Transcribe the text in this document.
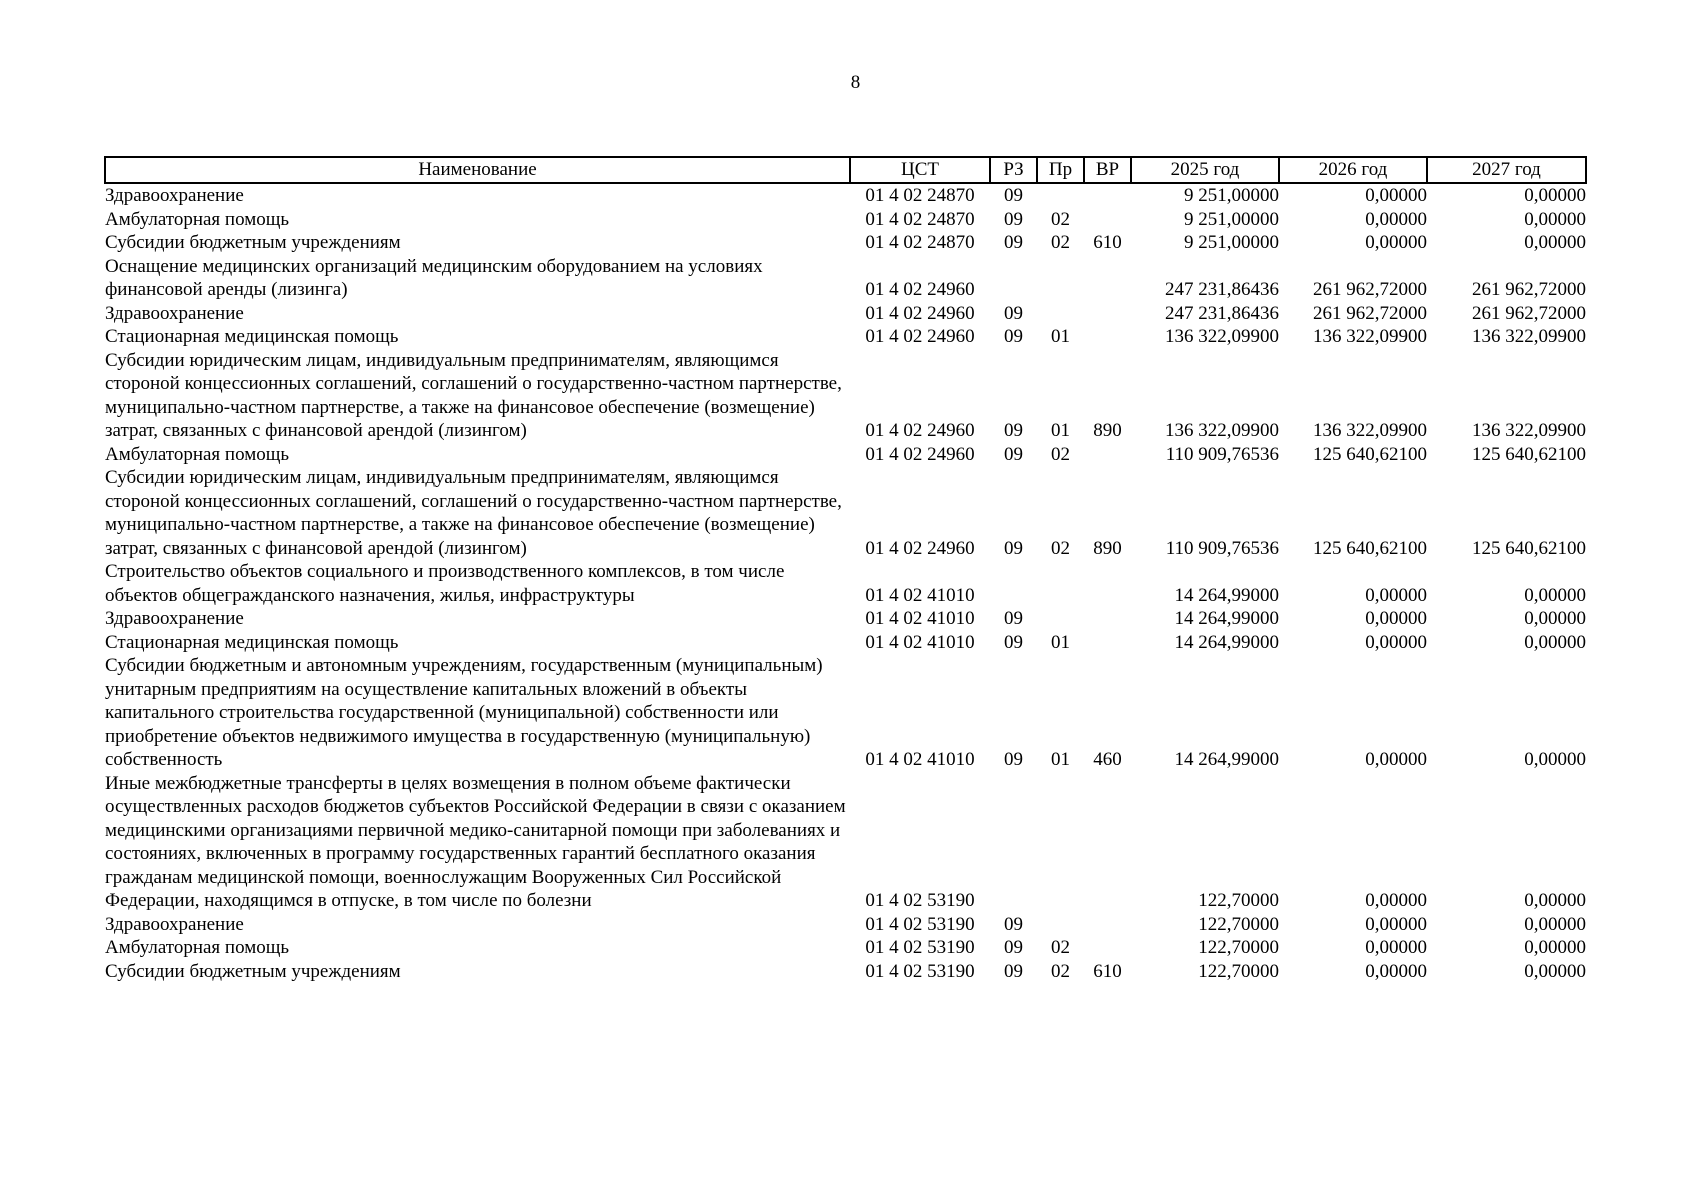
8
Наименование	ЦСТ	РЗ	Пр	ВР	2025 год	2026 год	2027 год
Здравоохранение	01 4 02 24870	09			9 251,00000	0,00000	0,00000
Амбулаторная помощь	01 4 02 24870	09	02		9 251,00000	0,00000	0,00000
Субсидии бюджетным учреждениям	01 4 02 24870	09	02	610	9 251,00000	0,00000	0,00000
Оснащение медицинских организаций медицинским оборудованием на условиях финансовой аренды (лизинга)	01 4 02 24960				247 231,86436	261 962,72000	261 962,72000
Здравоохранение	01 4 02 24960	09			247 231,86436	261 962,72000	261 962,72000
Стационарная медицинская помощь	01 4 02 24960	09	01		136 322,09900	136 322,09900	136 322,09900
Субсидии юридическим лицам, индивидуальным предпринимателям, являющимся стороной концессионных соглашений, соглашений о государственно-частном партнерстве, муниципально-частном партнерстве, а также на финансовое обеспечение (возмещение) затрат, связанных с финансовой арендой (лизингом)	01 4 02 24960	09	01	890	136 322,09900	136 322,09900	136 322,09900
Амбулаторная помощь	01 4 02 24960	09	02		110 909,76536	125 640,62100	125 640,62100
Субсидии юридическим лицам, индивидуальным предпринимателям, являющимся стороной концессионных соглашений, соглашений о государственно-частном партнерстве, муниципально-частном партнерстве, а также на финансовое обеспечение (возмещение) затрат, связанных с финансовой арендой (лизингом)	01 4 02 24960	09	02	890	110 909,76536	125 640,62100	125 640,62100
Строительство объектов социального и производственного комплексов, в том числе объектов общегражданского назначения, жилья, инфраструктуры	01 4 02 41010				14 264,99000	0,00000	0,00000
Здравоохранение	01 4 02 41010	09			14 264,99000	0,00000	0,00000
Стационарная медицинская помощь	01 4 02 41010	09	01		14 264,99000	0,00000	0,00000
Субсидии бюджетным и автономным учреждениям, государственным (муниципальным) унитарным предприятиям на осуществление капитальных вложений в объекты капитального строительства государственной (муниципальной) собственности или приобретение объектов недвижимого имущества в государственную (муниципальную) собственность	01 4 02 41010	09	01	460	14 264,99000	0,00000	0,00000
Иные межбюджетные трансферты в целях возмещения в полном объеме фактически осуществленных расходов бюджетов субъектов Российской Федерации в связи с оказанием медицинскими организациями первичной медико-санитарной помощи при заболеваниях и состояниях, включенных в программу государственных гарантий бесплатного оказания гражданам медицинской помощи, военнослужащим Вооруженных Сил Российской Федерации, находящимся в отпуске, в том числе по болезни	01 4 02 53190				122,70000	0,00000	0,00000
Здравоохранение	01 4 02 53190	09			122,70000	0,00000	0,00000
Амбулаторная помощь	01 4 02 53190	09	02		122,70000	0,00000	0,00000
Субсидии бюджетным учреждениям	01 4 02 53190	09	02	610	122,70000	0,00000	0,00000
